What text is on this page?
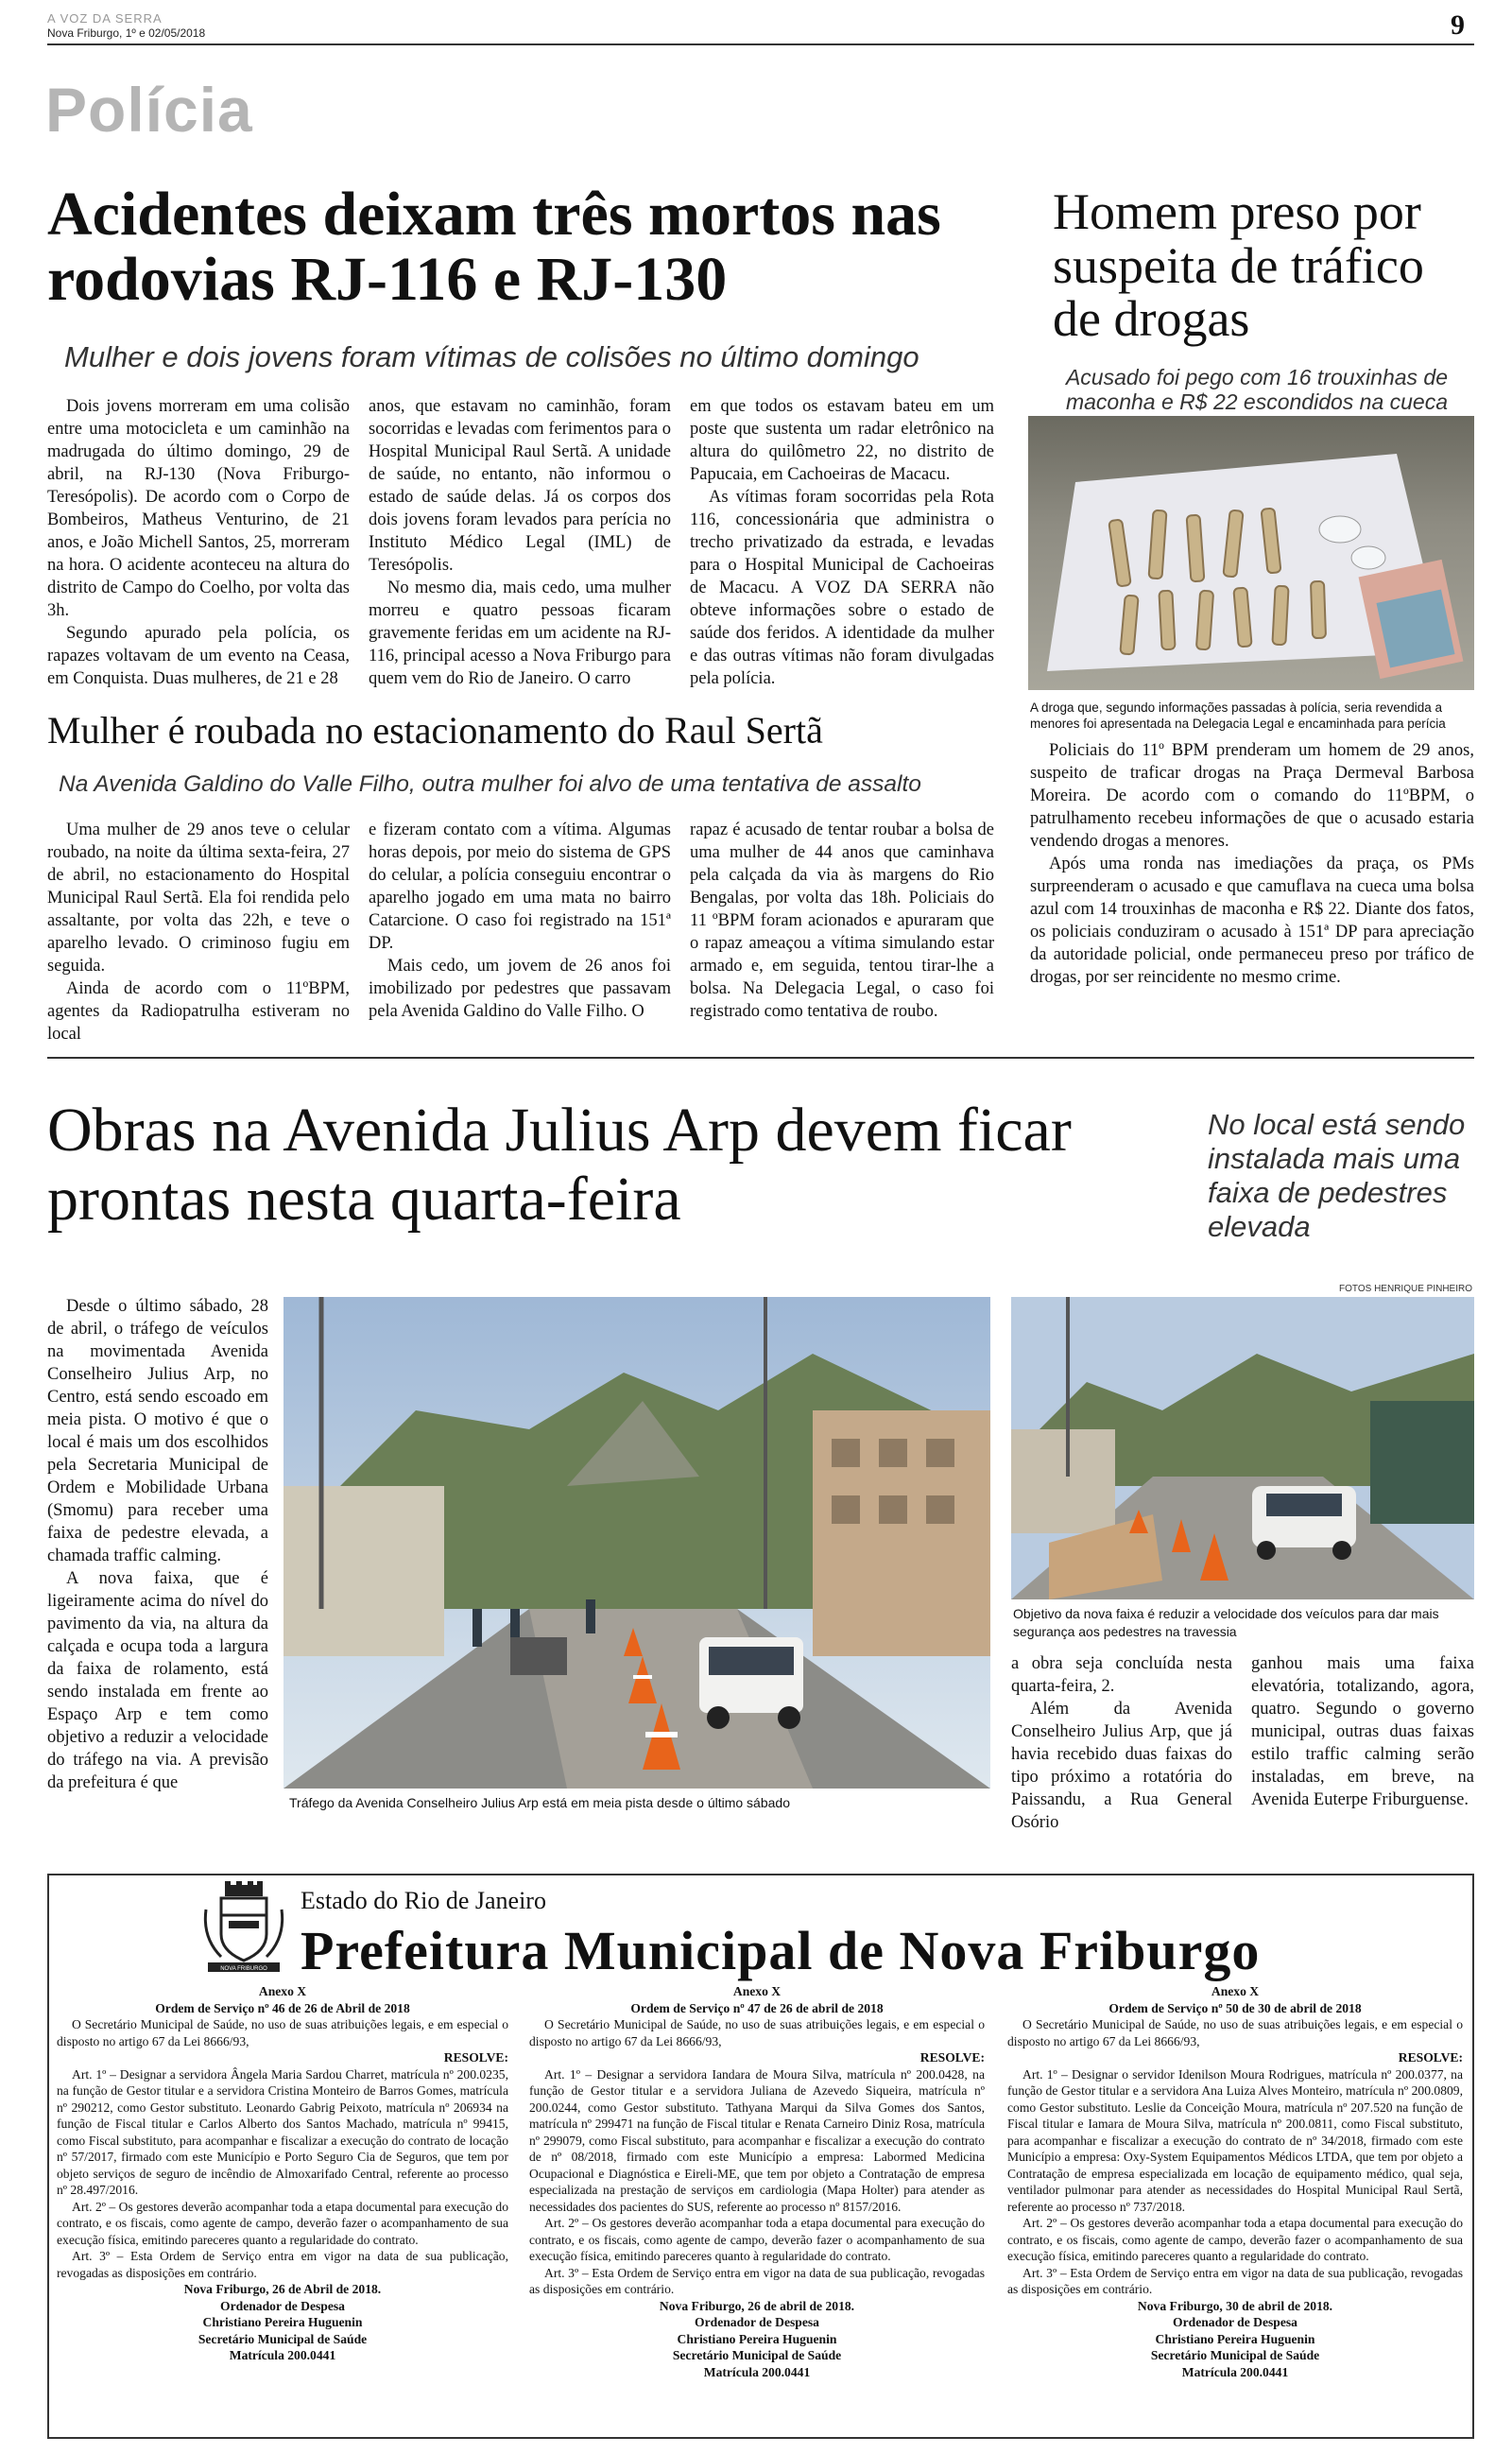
A VOZ DA SERRA
Nova Friburgo, 1º e 02/05/2018	9
Polícia
Acidentes deixam três mortos nas rodovias RJ-116 e RJ-130
Mulher e dois jovens foram vítimas de colisões no último domingo

Dois jovens morreram em uma colisão entre uma motocicleta e um caminhão na madrugada do último domingo, 29 de abril, na RJ-130 (Nova Friburgo-Teresópolis). De acordo com o Corpo de Bombeiros, Matheus Venturino, de 21 anos, e João Michell Santos, 25, morreram na hora. O acidente aconteceu na altura do distrito de Campo do Coelho, por volta das 3h.

Segundo apurado pela polícia, os rapazes voltavam de um evento na Ceasa, em Conquista. Duas mulheres, de 21 e 28

anos, que estavam no caminhão, foram socorridas e levadas com ferimentos para o Hospital Municipal Raul Sertã. A unidade de saúde, no entanto, não informou o estado de saúde delas. Já os corpos dos dois jovens foram levados para perícia no Instituto Médico Legal (IML) de Teresópolis.

No mesmo dia, mais cedo, uma mulher morreu e quatro pessoas ficaram gravemente feridas em um acidente na RJ-116, principal acesso a Nova Friburgo para quem vem do Rio de Janeiro. O carro

em que todos os estavam bateu em um poste que sustenta um radar eletrônico na altura do quilômetro 22, no distrito de Papucaia, em Cachoeiras de Macacu.

As vítimas foram socorridas pela Rota 116, concessionária que administra o trecho privatizado da estrada, e levadas para o Hospital Municipal de Cachoeiras de Macacu. A VOZ DA SERRA não obteve informações sobre o estado de saúde dos feridos. A identidade da mulher e das outras vítimas não foram divulgadas pela polícia.

Homem preso por suspeita de tráfico de drogas
Acusado foi pego com 16 trouxinhas de maconha e R$ 22 escondidos na cueca
A droga que, segundo informações passadas à polícia, seria revendida a menores foi apresentada na Delegacia Legal e encaminhada para perícia

Policiais do 11º BPM prenderam um homem de 29 anos, suspeito de traficar drogas na Praça Dermeval Barbosa Moreira. De acordo com o comando do 11ºBPM, o patrulhamento recebeu informações de que o acusado estaria vendendo drogas a menores.

Após uma ronda nas imediações da praça, os PMs surpreenderam o acusado e que camuflava na cueca uma bolsa azul com 14 trouxinhas de maconha e R$ 22. Diante dos fatos, os policiais conduziram o acusado à 151ª DP para apreciação da autoridade policial, onde permaneceu preso por tráfico de drogas, por ser reincidente no mesmo crime.

Mulher é roubada no estacionamento do Raul Sertã
Na Avenida Galdino do Valle Filho, outra mulher foi alvo de uma tentativa de assalto

Uma mulher de 29 anos teve o celular roubado, na noite da última sexta-feira, 27 de abril, no estacionamento do Hospital Municipal Raul Sertã. Ela foi rendida pelo assaltante, por volta das 22h, e teve o aparelho levado. O criminoso fugiu em seguida.

Ainda de acordo com o 11ºBPM, agentes da Radiopatrulha estiveram no local

e fizeram contato com a vítima. Algumas horas depois, por meio do sistema de GPS do celular, a polícia conseguiu encontrar o aparelho jogado em uma mata no bairro Catarcione. O caso foi registrado na 151ª DP.

Mais cedo, um jovem de 26 anos foi imobilizado por pedestres que passavam pela Avenida Galdino do Valle Filho. O

rapaz é acusado de tentar roubar a bolsa de uma mulher de 44 anos que caminhava pela calçada da via às margens do Rio Bengalas, por volta das 18h. Policiais do 11 ºBPM foram acionados e apuraram que o rapaz ameaçou a vítima simulando estar armado e, em seguida, tentou tirar-lhe a bolsa. Na Delegacia Legal, o caso foi registrado como tentativa de roubo.

Obras na Avenida Julius Arp devem ficar prontas nesta quarta-feira
No local está sendo instalada mais uma faixa de pedestres elevada
FOTOS HENRIQUE PINHEIRO

Desde o último sábado, 28 de abril, o tráfego de veículos na movimentada Avenida Conselheiro Julius Arp, no Centro, está sendo escoado em meia pista. O motivo é que o local é mais um dos escolhidos pela Secretaria Municipal de Ordem e Mobilidade Urbana (Smomu) para receber uma faixa de pedestre elevada, a chamada traffic calming.

A nova faixa, que é ligeiramente acima do nível do pavimento da via, na altura da calçada e ocupa toda a largura da faixa de rolamento, está sendo instalada em frente ao Espaço Arp e tem como objetivo a reduzir a velocidade do tráfego na via. A previsão da prefeitura é que

Tráfego da Avenida Conselheiro Julius Arp está em meia pista desde o último sábado
Objetivo da nova faixa é reduzir a velocidade dos veículos para dar mais segurança aos pedestres na travessia

a obra seja concluída nesta quarta-feira, 2.

Além da Avenida Conselheiro Julius Arp, que já havia recebido duas faixas do tipo próximo a rotatória do Paissandu, a Rua General Osório

ganhou mais uma faixa elevatória, totalizando, agora, quatro. Segundo o governo municipal, outras duas faixas estilo traffic calming serão instaladas, em breve, na Avenida Euterpe Friburguense.

NOVA FRIBURGO
Estado do Rio de Janeiro
Prefeitura Municipal de Nova Friburgo

Anexo X

Ordem de Serviço nº 46 de 26 de Abril de 2018

O Secretário Municipal de Saúde, no uso de suas atribuições legais, e em especial o disposto no artigo 67 da Lei 8666/93,

RESOLVE:

Art. 1º – Designar a servidora Ângela Maria Sardou Charret, matrícula nº 200.0235, na função de Gestor titular e a servidora Cristina Monteiro de Barros Gomes, matrícula nº 290212, como Gestor substituto. Leonardo Gabrig Peixoto, matrícula nº 206934 na função de Fiscal titular e Carlos Alberto dos Santos Machado, matrícula nº 99415, como Fiscal substituto, para acompanhar e fiscalizar a execução do contrato de locação nº 57/2017, firmado com este Município e Porto Seguro Cia de Seguros, que tem por objeto serviços de seguro de incêndio de Almoxarifado Central, referente ao processo nº 28.497/2016.

Art. 2º – Os gestores deverão acompanhar toda a etapa documental para execução do contrato, e os fiscais, como agente de campo, deverão fazer o acompanhamento de sua execução física, emitindo pareceres quanto a regularidade do contrato.

Art. 3º – Esta Ordem de Serviço entra em vigor na data de sua publicação, revogadas as disposições em contrário.

Nova Friburgo, 26 de Abril de 2018.

Ordenador de Despesa

Christiano Pereira Huguenin

Secretário Municipal de Saúde

Matrícula 200.0441

Anexo X

Ordem de Serviço nº 47 de 26 de abril de 2018

O Secretário Municipal de Saúde, no uso de suas atribuições legais, e em especial o disposto no artigo 67 da Lei 8666/93,

RESOLVE:

Art. 1º – Designar a servidora Iandara de Moura Silva, matrícula nº 200.0428, na função de Gestor titular e a servidora Juliana de Azevedo Siqueira, matrícula nº 200.0244, como Gestor substituto. Tathyana Marqui da Silva Gomes dos Santos, matrícula nº 299471 na função de Fiscal titular e Renata Carneiro Diniz Rosa, matrícula nº 299079, como Fiscal substituto, para acompanhar e fiscalizar a execução do contrato de nº 08/2018, firmado com este Município a empresa: Labormed Medicina Ocupacional e Diagnóstica e Eireli-ME, que tem por objeto a Contratação de empresa especializada na prestação de serviços em cardiologia (Mapa Holter) para atender as necessidades dos pacientes do SUS, referente ao processo nº 8157/2016.

Art. 2º – Os gestores deverão acompanhar toda a etapa documental para execução do contrato, e os fiscais, como agente de campo, deverão fazer o acompanhamento de sua execução física, emitindo pareceres quanto à regularidade do contrato.

Art. 3º – Esta Ordem de Serviço entra em vigor na data de sua publicação, revogadas as disposições em contrário.

Nova Friburgo, 26 de abril de 2018.

Ordenador de Despesa

Christiano Pereira Huguenin

Secretário Municipal de Saúde

Matrícula 200.0441

Anexo X

Ordem de Serviço nº 50 de 30 de abril de 2018

O Secretário Municipal de Saúde, no uso de suas atribuições legais, e em especial o disposto no artigo 67 da Lei 8666/93,

RESOLVE:

Art. 1º – Designar o servidor Idenilson Moura Rodrigues, matrícula nº 200.0377, na função de Gestor titular e a servidora Ana Luiza Alves Monteiro, matrícula nº 200.0809, como Gestor substituto. Leslie da Conceição Moura, matrícula nº 207.520 na função de Fiscal titular e Iamara de Moura Silva, matrícula nº 200.0811, como Fiscal substituto, para acompanhar e fiscalizar a execução do contrato de nº 34/2018, firmado com este Município a empresa: Oxy-System Equipamentos Médicos LTDA, que tem por objeto a Contratação de empresa especializada em locação de equipamento médico, qual seja, ventilador pulmonar para atender as necessidades do Hospital Municipal Raul Sertã, referente ao processo nº 737/2018.

Art. 2º – Os gestores deverão acompanhar toda a etapa documental para execução do contrato, e os fiscais, como agente de campo, deverão fazer o acompanhamento de sua execução física, emitindo pareceres quanto a regularidade do contrato.

Art. 3º – Esta Ordem de Serviço entra em vigor na data de sua publicação, revogadas as disposições em contrário.

Nova Friburgo, 30 de abril de 2018.

Ordenador de Despesa

Christiano Pereira Huguenin

Secretário Municipal de Saúde

Matrícula 200.0441
